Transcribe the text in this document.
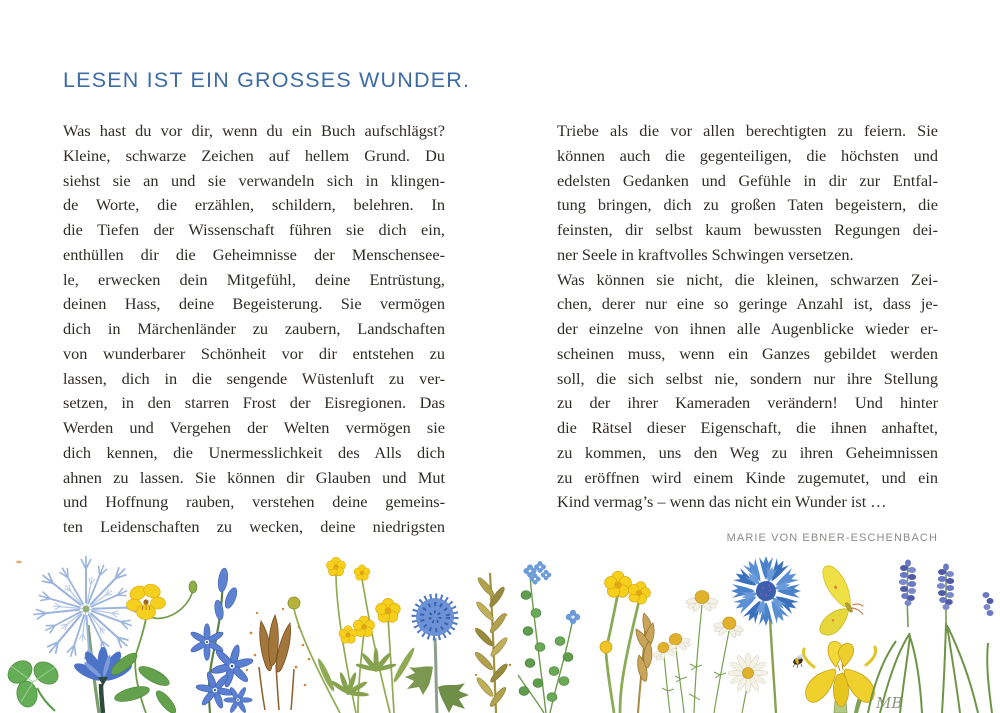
LESEN IST EIN GROSSES WUNDER.
Was hast du vor dir, wenn du ein Buch aufschlägst?
Kleine, schwarze Zeichen auf hellem Grund. Du
siehst sie an und sie verwandeln sich in klingen-
de Worte, die erzählen, schildern, belehren. In
die Tiefen der Wissenschaft führen sie dich ein,
enthüllen dir die Geheimnisse der Menschensee-
le, erwecken dein Mitgefühl, deine Entrüstung,
deinen Hass, deine Begeisterung. Sie vermögen
dich in Märchenländer zu zaubern, Landschaften
von wunderbarer Schönheit vor dir entstehen zu
lassen, dich in die sengende Wüstenluft zu ver-
setzen, in den starren Frost der Eisregionen. Das
Werden und Vergehen der Welten vermögen sie
dich kennen, die Unermesslichkeit des Alls dich
ahnen zu lassen. Sie können dir Glauben und Mut
und Hoffnung rauben, verstehen deine gemeins-
ten Leidenschaften zu wecken, deine niedrigsten
Triebe als die vor allen berechtigten zu feiern. Sie
können auch die gegenteiligen, die höchsten und
edelsten Gedanken und Gefühle in dir zur Entfal-
tung bringen, dich zu großen Taten begeistern, die
feinsten, dir selbst kaum bewussten Regungen dei-
ner Seele in kraftvolles Schwingen versetzen.
Was können sie nicht, die kleinen, schwarzen Zei-
chen, derer nur eine so geringe Anzahl ist, dass je-
der einzelne von ihnen alle Augenblicke wieder er-
scheinen muss, wenn ein Ganzes gebildet werden
soll, die sich selbst nie, sondern nur ihre Stellung
zu der ihrer Kameraden verändern! Und hinter
die Rätsel dieser Eigenschaft, die ihnen anhaftet,
zu kommen, uns den Weg zu ihren Geheimnissen
zu eröffnen wird einem Kinde zugemutet, und ein
Kind vermag’s – wenn das nicht ein Wunder ist …
MARIE VON EBNER-ESCHENBACH
MB
